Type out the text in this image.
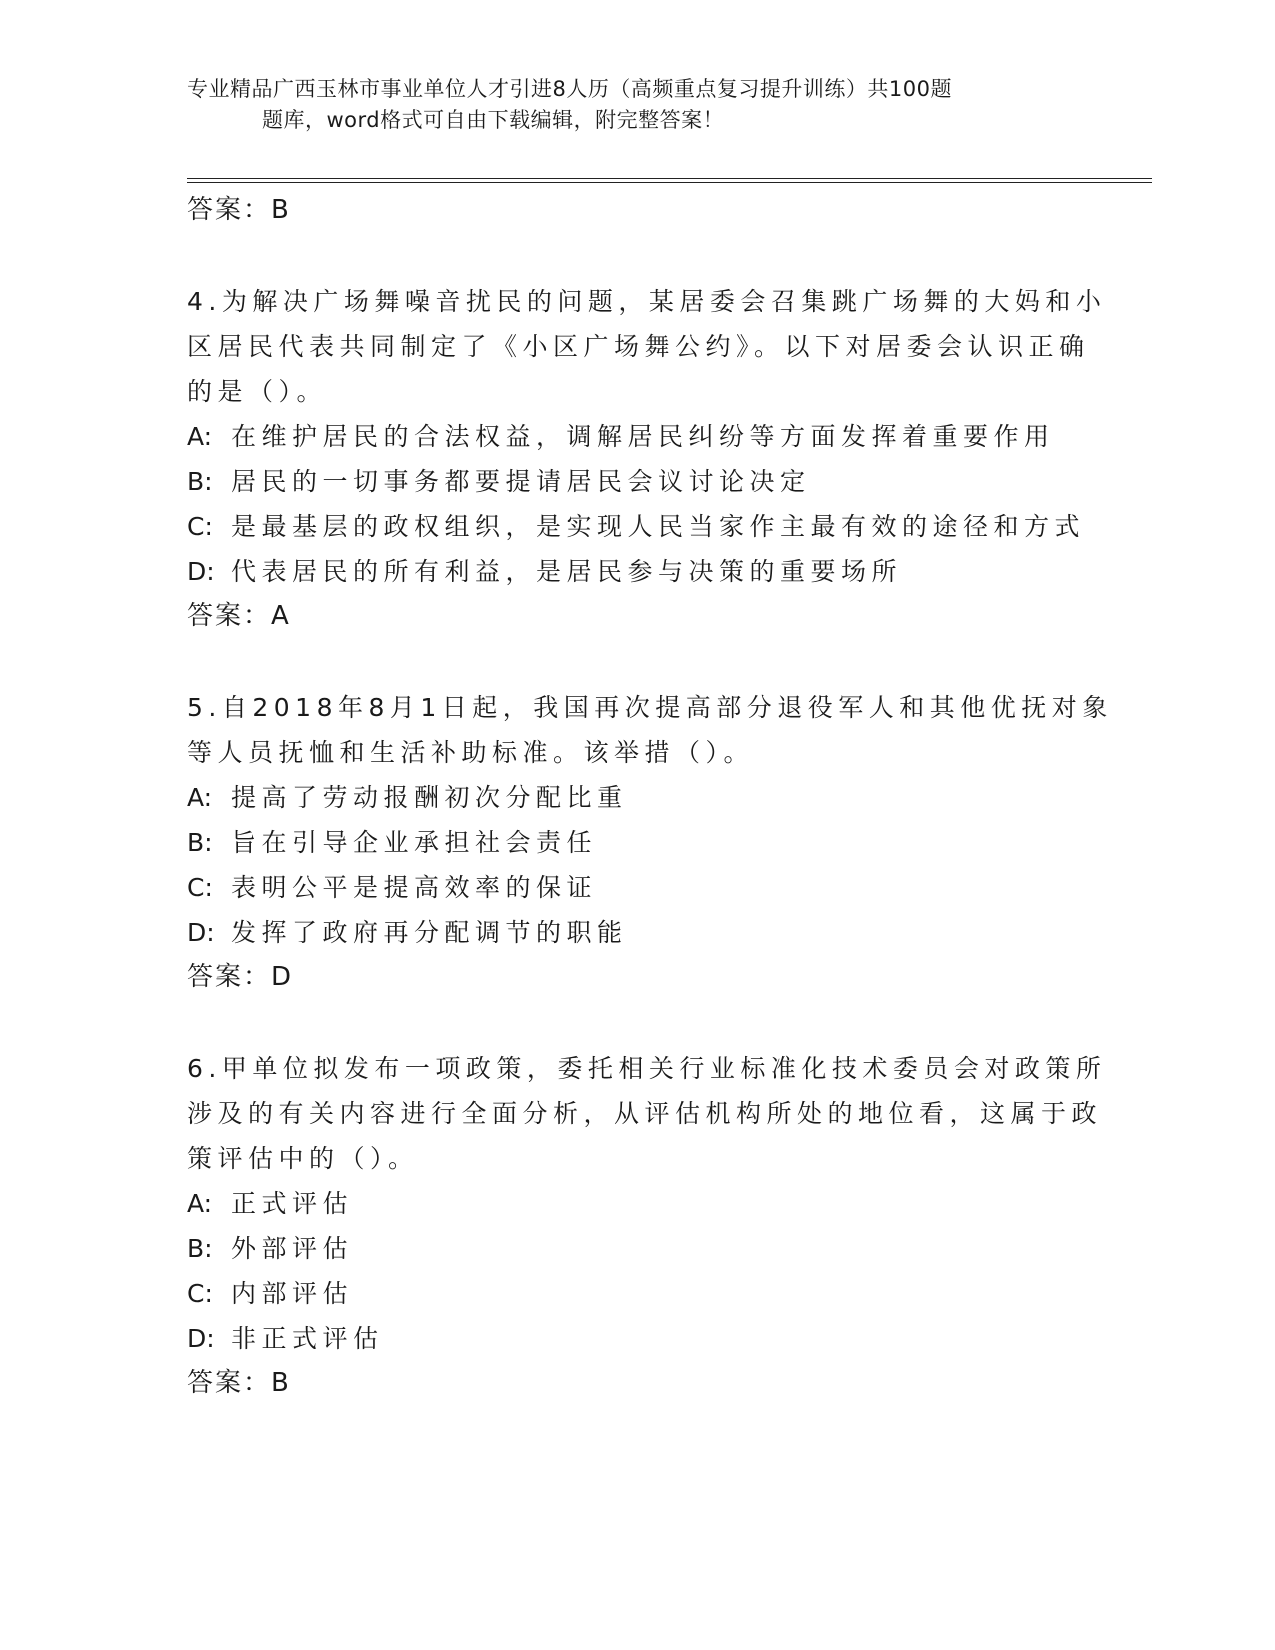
专业精品广西玉林市事业单位人才引进8人历（高频重点复习提升训练）共100题
题库，word格式可自由下载编辑，附完整答案！
答案：B
4.为解决广场舞噪音扰民的问题，某居委会召集跳广场舞的大妈和小
区居民代表共同制定了《小区广场舞公约》。以下对居委会认识正确
的是（）。
A: 在维护居民的合法权益，调解居民纠纷等方面发挥着重要作用
B: 居民的一切事务都要提请居民会议讨论决定
C: 是最基层的政权组织，是实现人民当家作主最有效的途径和方式
D: 代表居民的所有利益，是居民参与决策的重要场所
答案：A
5.自2018年8月1日起，我国再次提高部分退役军人和其他优抚对象
等人员抚恤和生活补助标准。该举措（）。
A: 提高了劳动报酬初次分配比重
B: 旨在引导企业承担社会责任
C: 表明公平是提高效率的保证
D: 发挥了政府再分配调节的职能
答案：D
6.甲单位拟发布一项政策，委托相关行业标准化技术委员会对政策所
涉及的有关内容进行全面分析，从评估机构所处的地位看，这属于政
策评估中的（）。
A: 正式评估
B: 外部评估
C: 内部评估
D: 非正式评估
答案：B
